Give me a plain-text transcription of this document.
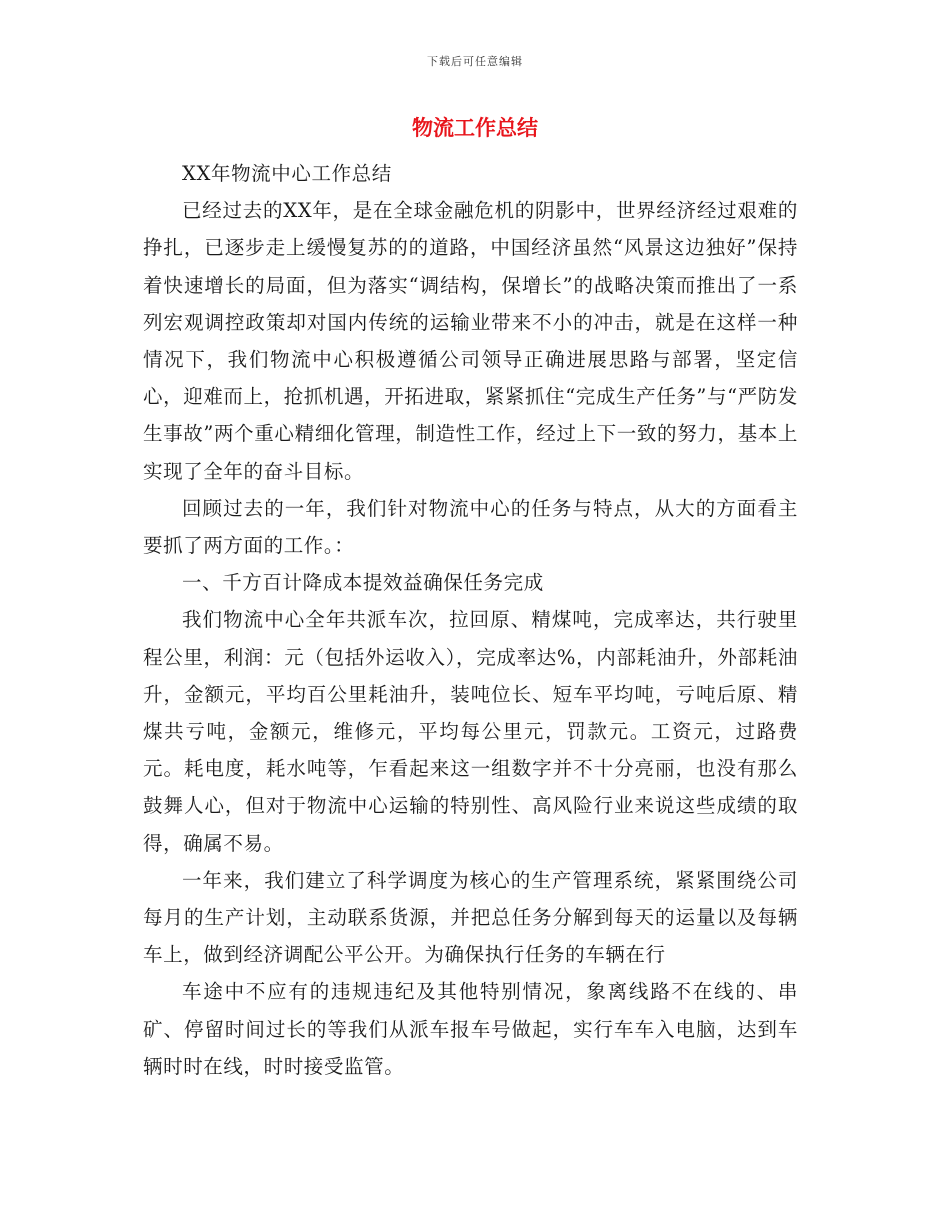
下载后可任意编辑
物流工作总结

XX年物流中心工作总结

已经过去的XX年，是在全球金融危机的阴影中，世界经济经过艰难的挣扎，已逐步走上缓慢复苏的的道路，中国经济虽然“风景这边独好”保持着快速增长的局面，但为落实“调结构，保增长”的战略决策而推出了一系列宏观调控政策却对国内传统的运输业带来不小的冲击，就是在这样一种情况下，我们物流中心积极遵循公司领导正确进展思路与部署，坚定信心，迎难而上，抢抓机遇，开拓进取，紧紧抓住“完成生产任务”与“严防发生事故”两个重心精细化管理，制造性工作，经过上下一致的努力，基本上实现了全年的奋斗目标。

回顾过去的一年，我们针对物流中心的任务与特点，从大的方面看主要抓了两方面的工作。：

一、千方百计降成本提效益确保任务完成

我们物流中心全年共派车次，拉回原、精煤吨，完成率达，共行驶里程公里，利润：元（包括外运收入），完成率达%，内部耗油升，外部耗油升，金额元，平均百公里耗油升，装吨位长、短车平均吨，亏吨后原、精煤共亏吨，金额元，维修元，平均每公里元，罚款元。工资元，过路费元。耗电度，耗水吨等，乍看起来这一组数字并不十分亮丽，也没有那么鼓舞人心，但对于物流中心运输的特别性、高风险行业来说这些成绩的取得，确属不易。

一年来，我们建立了科学调度为核心的生产管理系统，紧紧围绕公司每月的生产计划，主动联系货源，并把总任务分解到每天的运量以及每辆车上，做到经济调配公平公开。为确保执行任务的车辆在行

车途中不应有的违规违纪及其他特别情况，象离线路不在线的、串矿、停留时间过长的等我们从派车报车号做起，实行车车入电脑，达到车辆时时在线，时时接受监管。
